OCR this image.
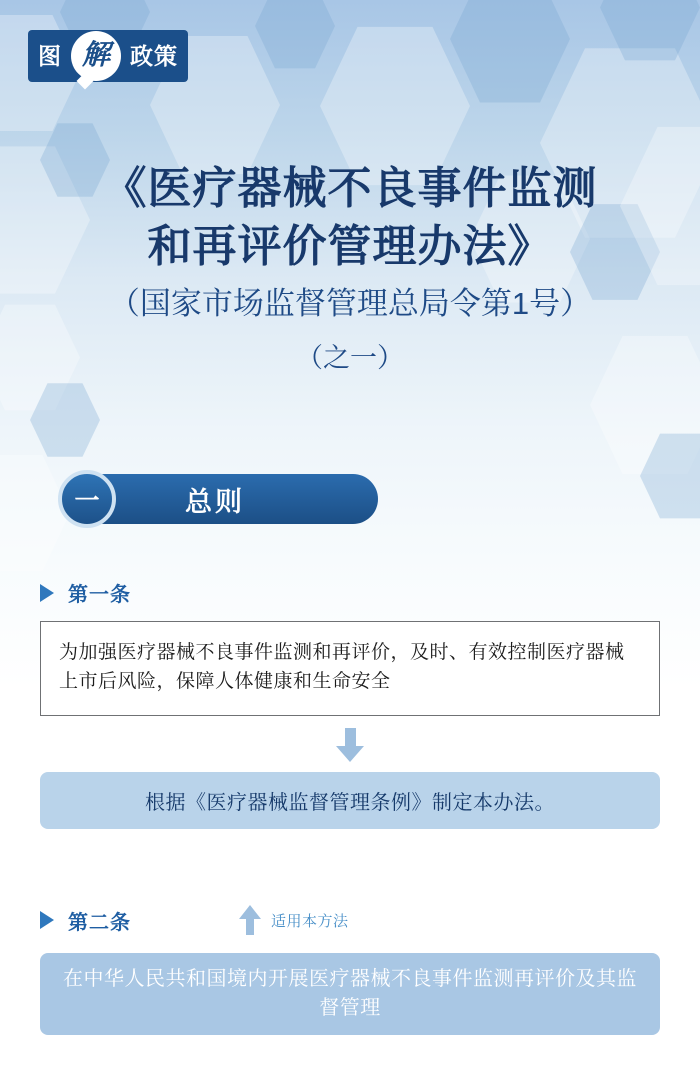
图 解 政策
《医疗器械不良事件监测
和再评价管理办法》
（国家市场监督管理总局令第1号）
（之一）
总则
一
第一条
为加强医疗器械不良事件监测和再评价，及时、有效控制医疗器械上市后风险，保障人体健康和生命安全
根据《医疗器械监督管理条例》制定本办法。
第二条	适用本方法
在中华人民共和国境内开展医疗器械不良事件监测再评价及其监督管理
